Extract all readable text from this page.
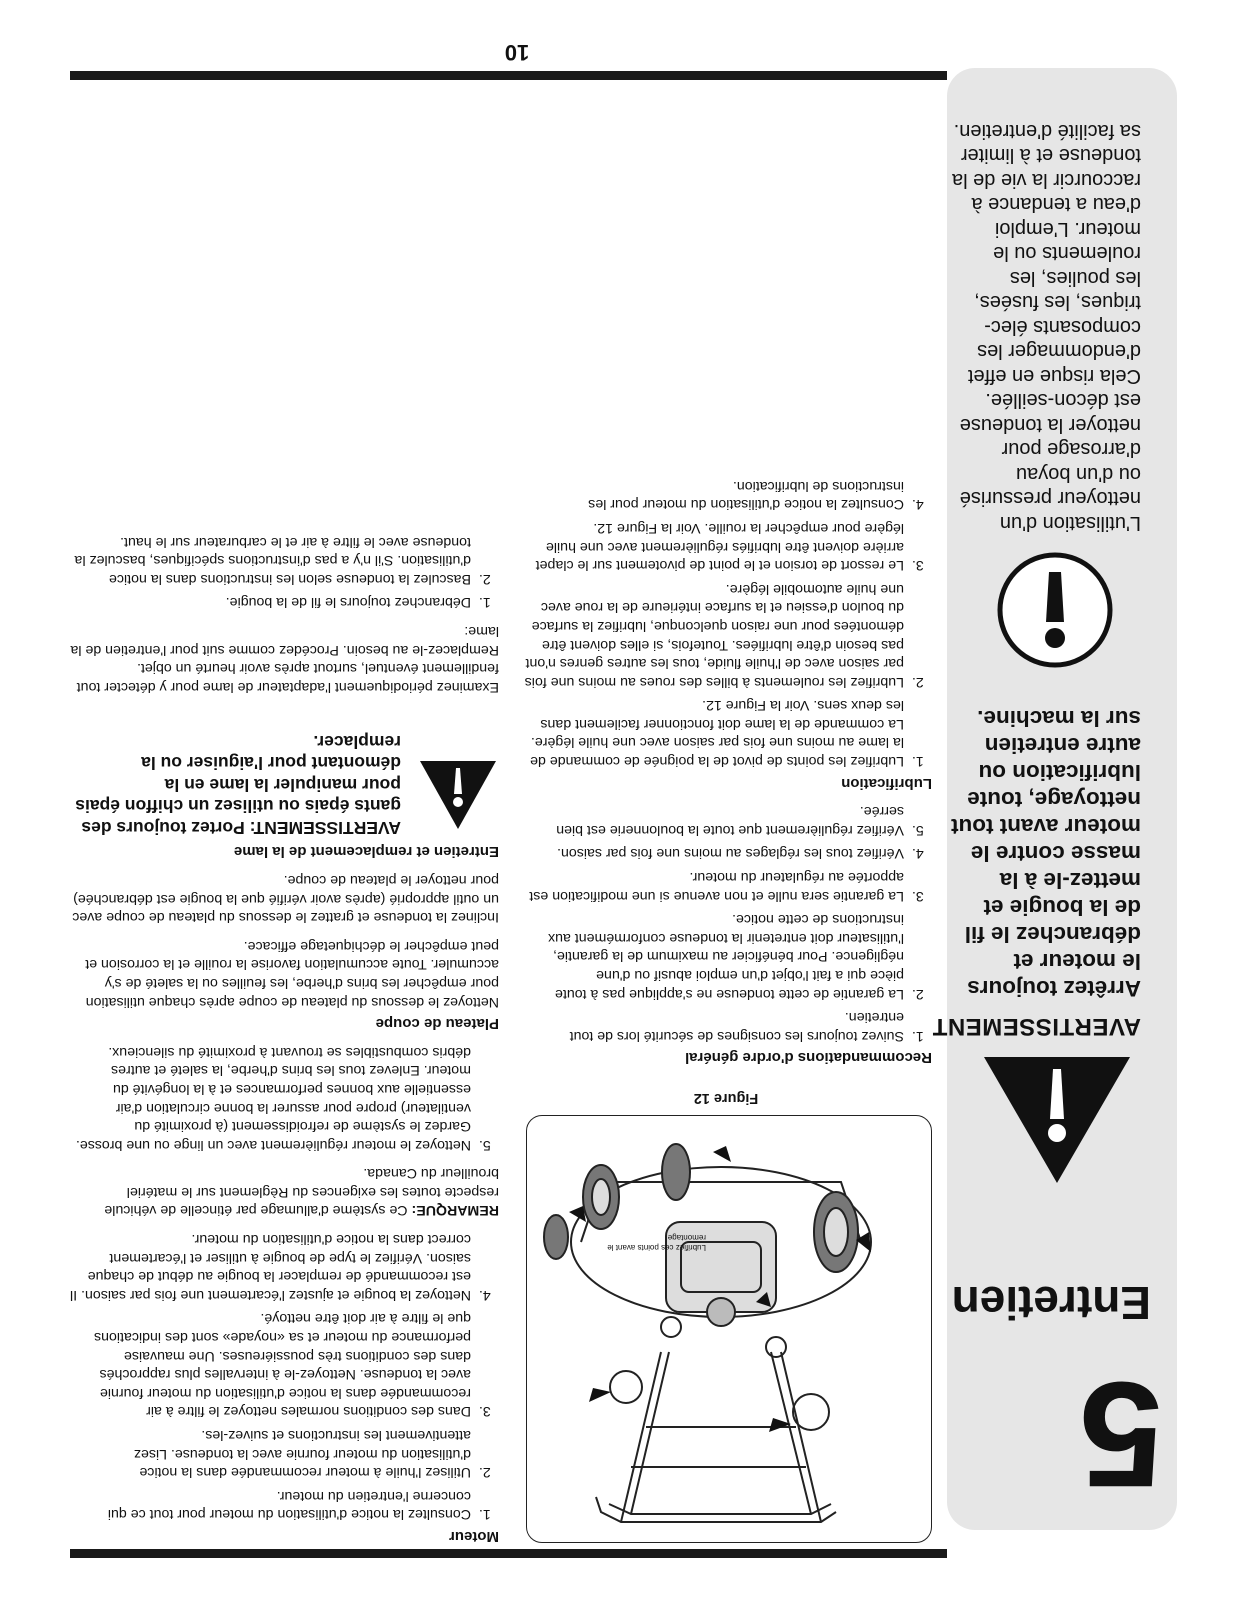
5
Entretien
AVERTISSEMENT
Arrêtez toujours le moteur et débranchez le fil de la bougie et mettez-le à la masse contre le moteur avant tout nettoyage, toute lubrification ou autre entretien sur la machine.
L'utilisation d'un nettoyeur pressurisé ou d'un boyau d'arrosage pour nettoyer la tondeuse est décon-seillée. Cela risque en effet d'endommager les composants élec-triques, les fusées, les poulies, les roulements ou le moteur. L'emploi d'eau a tendance à raccourcir la vie de la tondeuse et à limiter sa facilité d'entretien.
Lubrifiez ces points avant le remontage
Figure 12
Recommandations d'ordre général
1. Suivez toujours les consignes de sécurité lors de tout entretien.
2. La garantie de cette tondeuse ne s'applique pas à toute pièce qui a fait l'objet d'un emploi abusif ou d'une négligence. Pour bénéficier au maximum de la garantie, l'utilisateur doit entretenir la tondeuse conformément aux instructions de cette notice.
3. La garantie sera nulle et non avenue si une modification est apportée au régulateur du moteur.
4. Vérifiez tous les réglages au moins une fois par saison.
5. Vérifiez régulièrement que toute la boulonnerie est bien serrée.
Lubrification
1. Lubrifiez les points de pivot de la poignée de commande de la lame au moins une fois par saison avec une huile légère. La commande de la lame doit fonctionner facilement dans les deux sens. Voir la Figure 12.
2. Lubrifiez les roulements à billes des roues au moins une fois par saison avec de l'huile fluide, tous les autres genres n'ont pas besoin d'être lubrifiées. Toutefois, si elles doivent être démontées pour une raison quelconque, lubrifiez la surface du boulon d'essieu et la surface intérieure de la roue avec une huile automobile légère.
3. Le ressort de torsion et le point de pivotement sur le clapet arrière doivent être lubrifiés régulièrement avec une huile légère pour empêcher la rouille. Voir la Figure 12.
4. Consultez la notice d'utilisation du moteur pour les instructions de lubrification.
Moteur
1. Consultez la notice d'utilisation du moteur pour tout ce qui concerne l'entretien du moteur.
2. Utilisez l'huile à moteur recommandée dans la notice d'utilisation du moteur fournie avec la tondeuse. Lisez attentivement les instructions et suivez-les.
3. Dans des conditions normales nettoyez le filtre à air recommandée dans la notice d'utilisation du moteur fournie avec la tondeuse. Nettoyez-le à intervalles plus rapprochés dans des conditions très poussiéreuses. Une mauvaise performance du moteur et sa «noyade» sont des indications que le filtre à air doit être nettoyé.
4. Nettoyez la bougie et ajustez l'écartement une fois par saison. Il est recommandé de remplacer la bougie au début de chaque saison. Vérifiez le type de bougie à utiliser et l'écartement correct dans la notice d'utilisation du moteur.

REMARQUE: Ce système d'allumage par étincelle de véhicule respecte toutes les exigences du Règlement sur le matériel brouilleur du Canada.

5. Nettoyez le moteur régulièrement avec un linge ou une brosse. Gardez le système de refroidissement (à proximité du ventilateur) propre pour assurer la bonne circulation d'air essentielle aux bonnes performances et à la longévité du moteur. Enlevez tous les brins d'herbe, la saleté et autres débris combustibles se trouvant à proximité du silencieux.
Plateau de coupe

Nettoyez le dessous du plateau de coupe après chaque utilisation pour empêcher les brins d'herbe, les feuilles ou la saleté de s'y accumuler. Toute accumulation favorise la rouille et la corrosion et peut empêcher le déchiquetage efficace.

Inclinez la tondeuse et grattez le dessous du plateau de coupe avec un outil approprié (après avoir vérifié que la bougie est débranchée) pour nettoyer le plateau de coupe.

Entretien et remplacement de la lame
AVERTISSEMENT: Portez toujours des gants épais ou utilisez un chiffon épais pour manipuler la lame en la démontant pour l'aiguiser ou la remplacer.

Examinez périodiquement l'adaptateur de lame pour y détecter tout fendillement éventuel, surtout après avoir heurté un objet. Remplacez-le au besoin. Procédez comme suit pour l'entretien de la lame:

1. Débranchez toujours le fil de la bougie.
2. Basculez la tondeuse selon les instructions dans la notice d'utilisation. S'il n'y a pas d'instructions spécifiques, basculez la tondeuse avec le filtre à air et le carburateur sur le haut.
10
